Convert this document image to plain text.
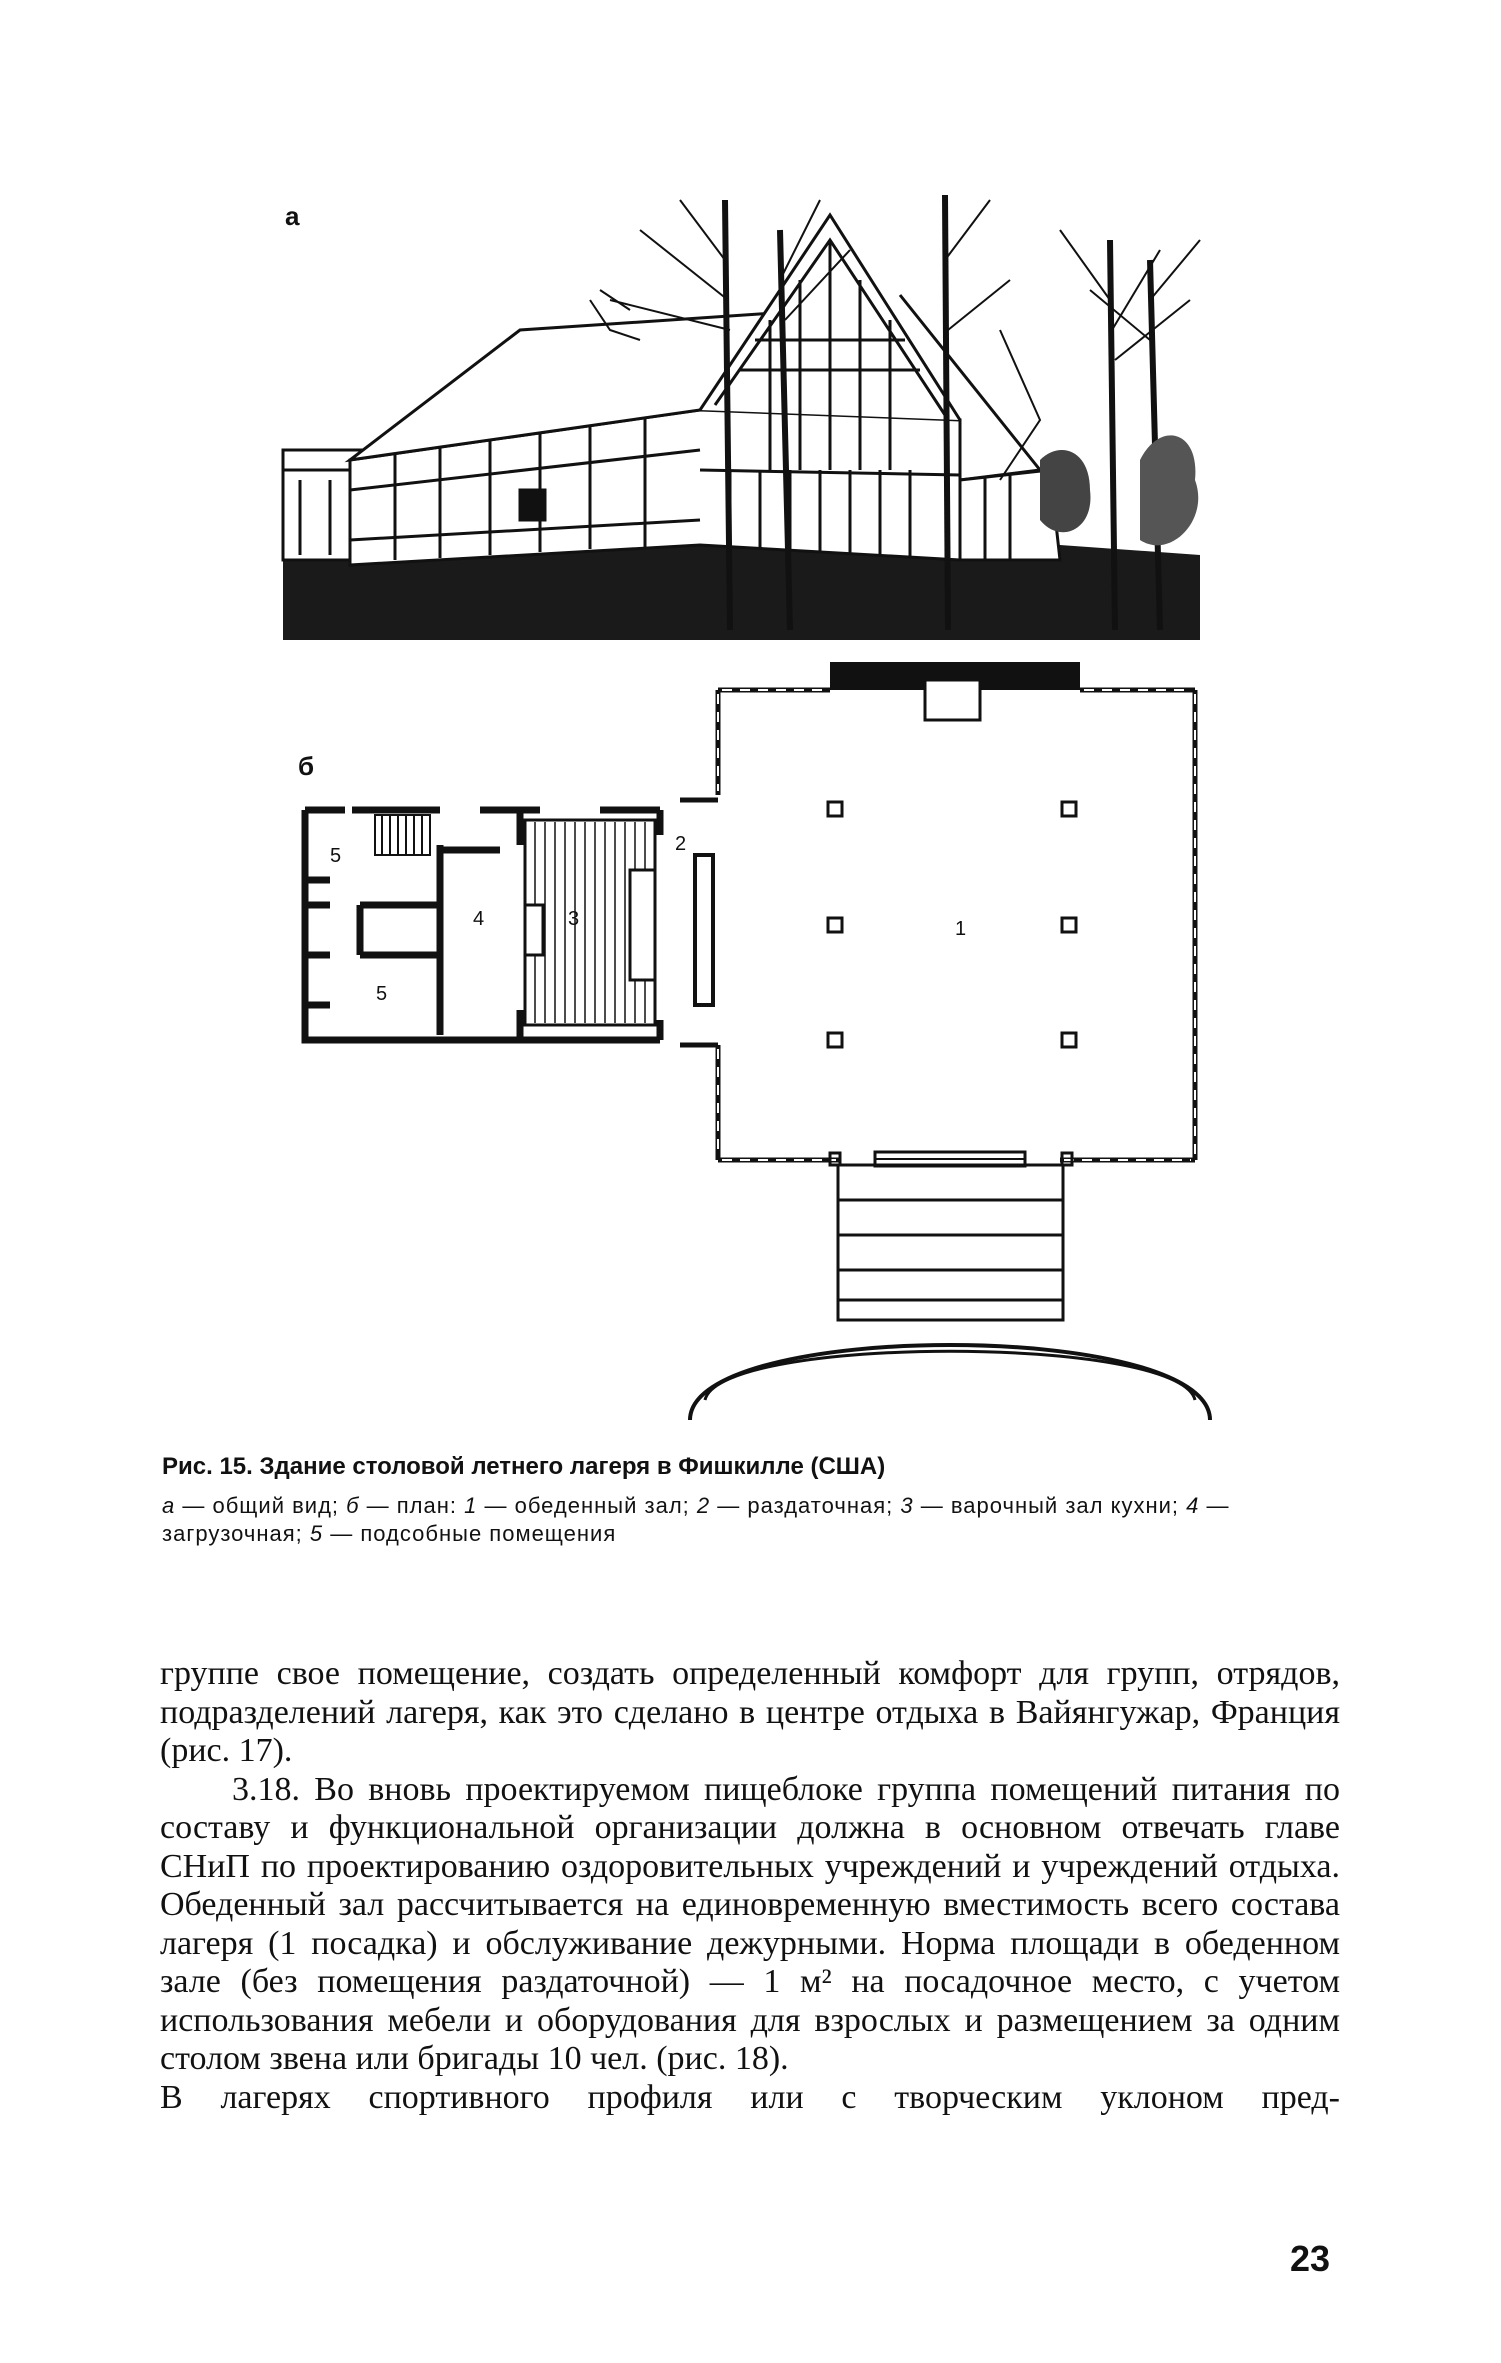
а
б
1
2
3
4
5
5
Рис. 15. Здание столовой летнего лагеря в Фишкилле (США)
а — общий вид; б — план: 1 — обеденный зал; 2 — раздаточная; 3 — варочный зал кухни; 4 — загрузочная; 5 — подсобные помещения

группе свое помещение, создать определенный комфорт для групп, отрядов, подразделений лагеря, как это сделано в центре отдыха в Вайянгужар, Франция (рис. 17).

3.18. Во вновь проектируемом пищеблоке группа помещений питания по составу и функциональной организации должна в основном отвечать главе СНиП по проектированию оздоровительных учреждений и учреждений отдыха. Обеденный зал рассчитывается на единовременную вместимость всего состава лагеря (1 посадка) и обслуживание дежурными. Норма площади в обеденном зале (без помещения раздаточной) — 1 м² на посадочное место, с учетом использования мебели и оборудования для взрослых и размещением за одним столом звена или бригады 10 чел. (рис. 18).

В лагерях спортивного профиля или с творческим уклоном пред-

23
